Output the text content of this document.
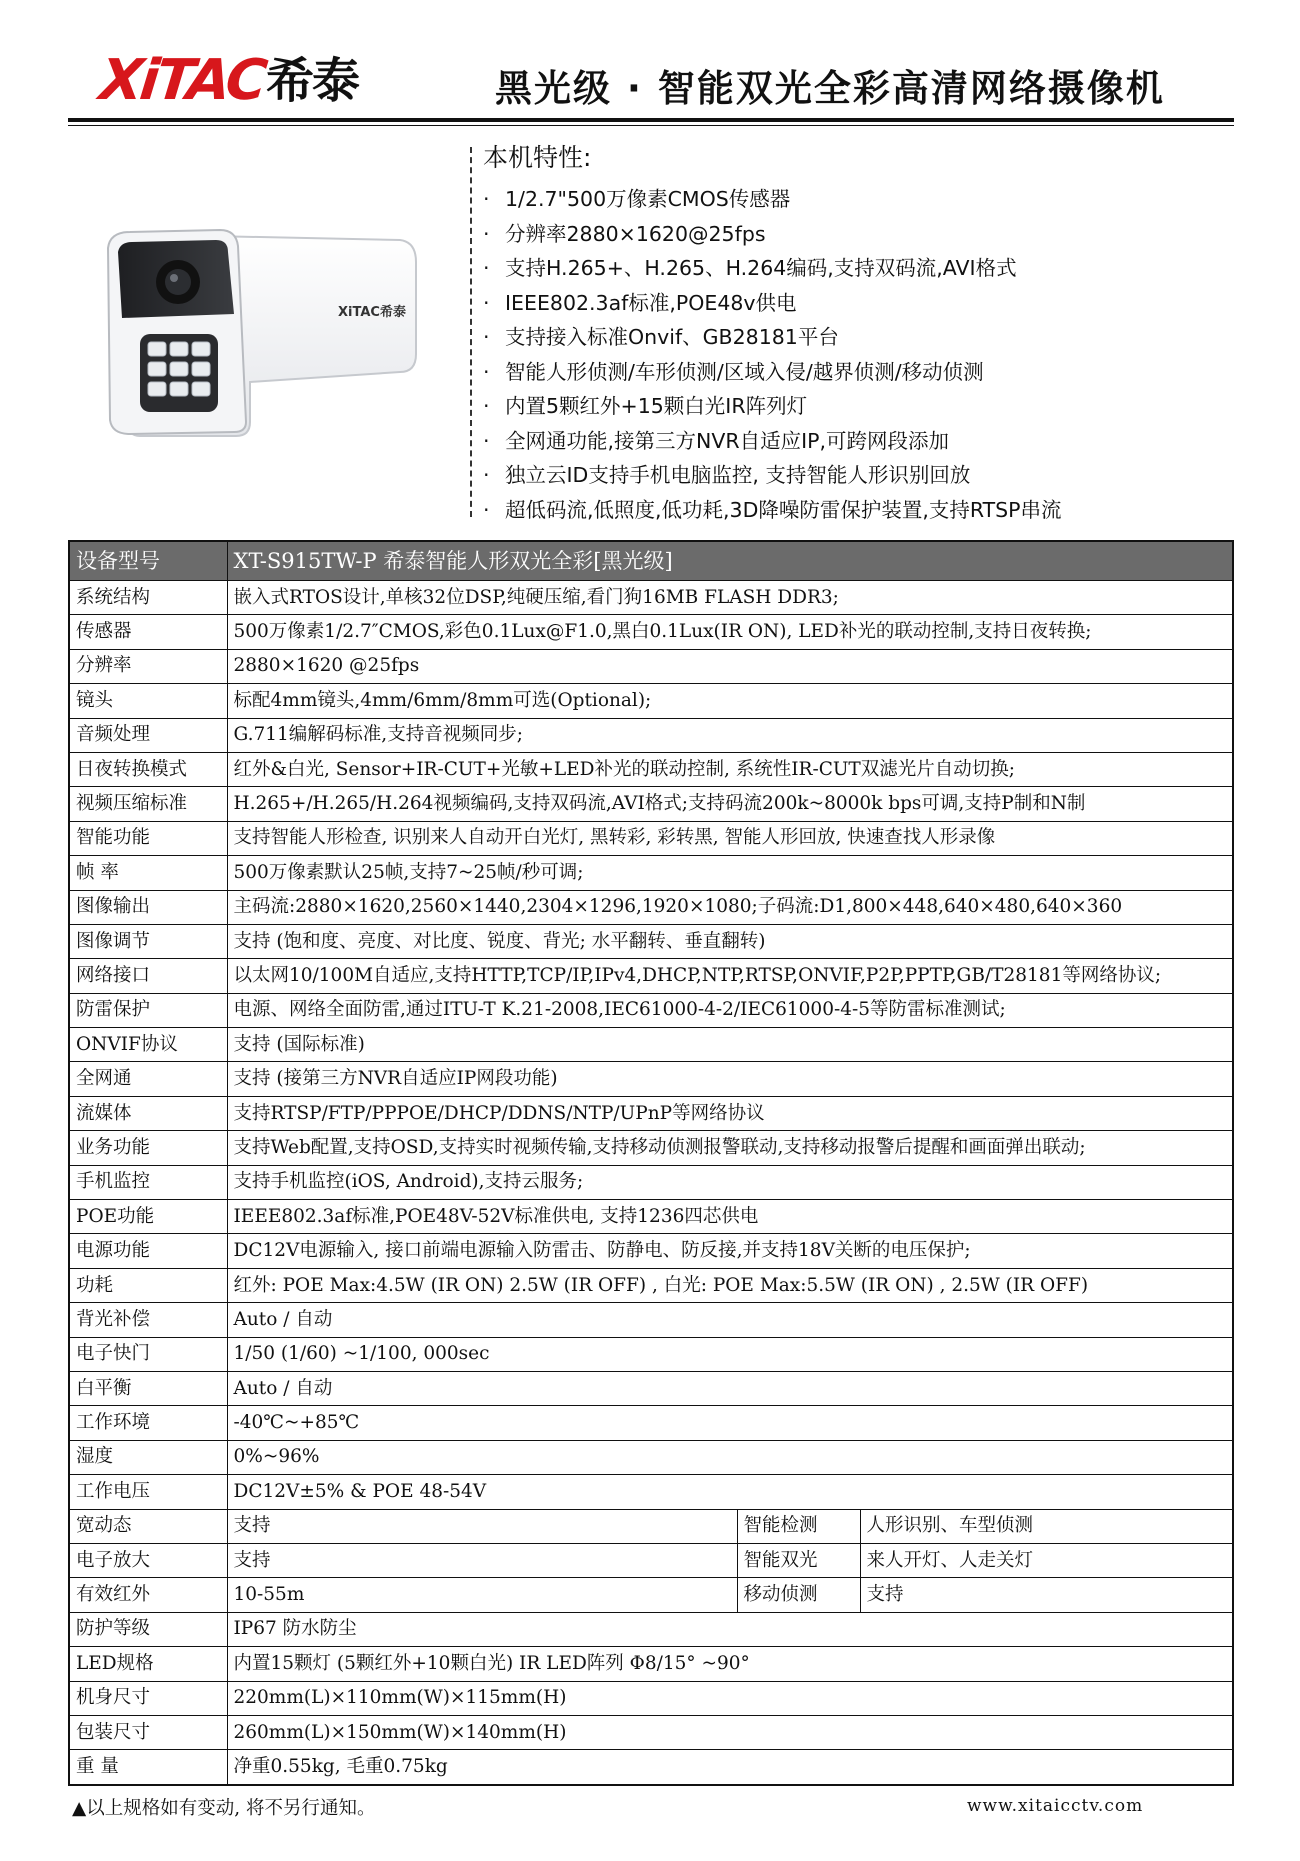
XiTAC
希泰	黑光级 · 智能双光全彩高清网络摄像机
XiTAC希泰
本机特性:
· 1/2.7"500万像素CMOS传感器
· 分辨率2880×1620@25fps
· 支持H.265+、H.265、H.264编码,支持双码流,AVI格式
· IEEE802.3af标准,POE48v供电
· 支持接入标准Onvif、GB28181平台
· 智能人形侦测/车形侦测/区域入侵/越界侦测/移动侦测
· 内置5颗红外+15颗白光IR阵列灯
· 全网通功能,接第三方NVR自适应IP,可跨网段添加
· 独立云ID支持手机电脑监控, 支持智能人形识别回放
· 超低码流,低照度,低功耗,3D降噪防雷保护装置,支持RTSP串流
设备型号	XT-S915TW-P 希泰智能人形双光全彩[黑光级]		
系统结构	嵌入式RTOS设计,单核32位DSP,纯硬压缩,看门狗16MB FLASH DDR3;		
传感器	500万像素1/2.7″CMOS,彩色0.1Lux@F1.0,黑白0.1Lux(IR ON), LED补光的联动控制,支持日夜转换;		
分辨率	2880×1620 @25fps		
镜头	标配4mm镜头,4mm/6mm/8mm可选(Optional);		
音频处理	G.711编解码标准,支持音视频同步;		
日夜转换模式	红外&白光, Sensor+IR-CUT+光敏+LED补光的联动控制, 系统性IR-CUT双滤光片自动切换;		
视频压缩标准	H.265+/H.265/H.264视频编码,支持双码流,AVI格式;支持码流200k~8000k bps可调,支持P制和N制		
智能功能	支持智能人形检查, 识别来人自动开白光灯, 黑转彩, 彩转黑, 智能人形回放, 快速查找人形录像		
帧 率	500万像素默认25帧,支持7~25帧/秒可调;		
图像输出	主码流:2880×1620,2560×1440,2304×1296,1920×1080;子码流:D1,800×448,640×480,640×360		
图像调节	支持 (饱和度、亮度、对比度、锐度、背光; 水平翻转、垂直翻转)		
网络接口	以太网10/100M自适应,支持HTTP,TCP/IP,IPv4,DHCP,NTP,RTSP,ONVIF,P2P,PPTP,GB/T28181等网络协议;		
防雷保护	电源、网络全面防雷,通过ITU-T K.21-2008,IEC61000-4-2/IEC61000-4-5等防雷标准测试;		
ONVIF协议	支持 (国际标准)		
全网通	支持 (接第三方NVR自适应IP网段功能)		
流媒体	支持RTSP/FTP/PPPOE/DHCP/DDNS/NTP/UPnP等网络协议		
业务功能	支持Web配置,支持OSD,支持实时视频传输,支持移动侦测报警联动,支持移动报警后提醒和画面弹出联动;		
手机监控	支持手机监控(iOS, Android),支持云服务;		
POE功能	IEEE802.3af标准,POE48V-52V标准供电, 支持1236四芯供电		
电源功能	DC12V电源输入, 接口前端电源输入防雷击、防静电、防反接,并支持18V关断的电压保护;		
功耗	红外: POE Max:4.5W (IR ON) 2.5W (IR OFF) , 白光: POE Max:5.5W (IR ON) , 2.5W (IR OFF)		
背光补偿	Auto / 自动		
电子快门	1/50 (1/60) ~1/100, 000sec		
白平衡	Auto / 自动		
工作环境	-40℃~+85℃		
湿度	0%~96%		
工作电压	DC12V±5% & POE 48-54V		
宽动态	支持	智能检测	人形识别、车型侦测
电子放大	支持	智能双光	来人开灯、人走关灯
有效红外	10-55m	移动侦测	支持
防护等级	IP67 防水防尘		
LED规格	内置15颗灯 (5颗红外+10颗白光) IR LED阵列 Φ8/15° ~90°		
机身尺寸	220mm(L)×110mm(W)×115mm(H)		
包装尺寸	260mm(L)×150mm(W)×140mm(H)		
重 量	净重0.55kg, 毛重0.75kg		
▲以上规格如有变动, 将不另行通知。	www.xitaicctv.com
